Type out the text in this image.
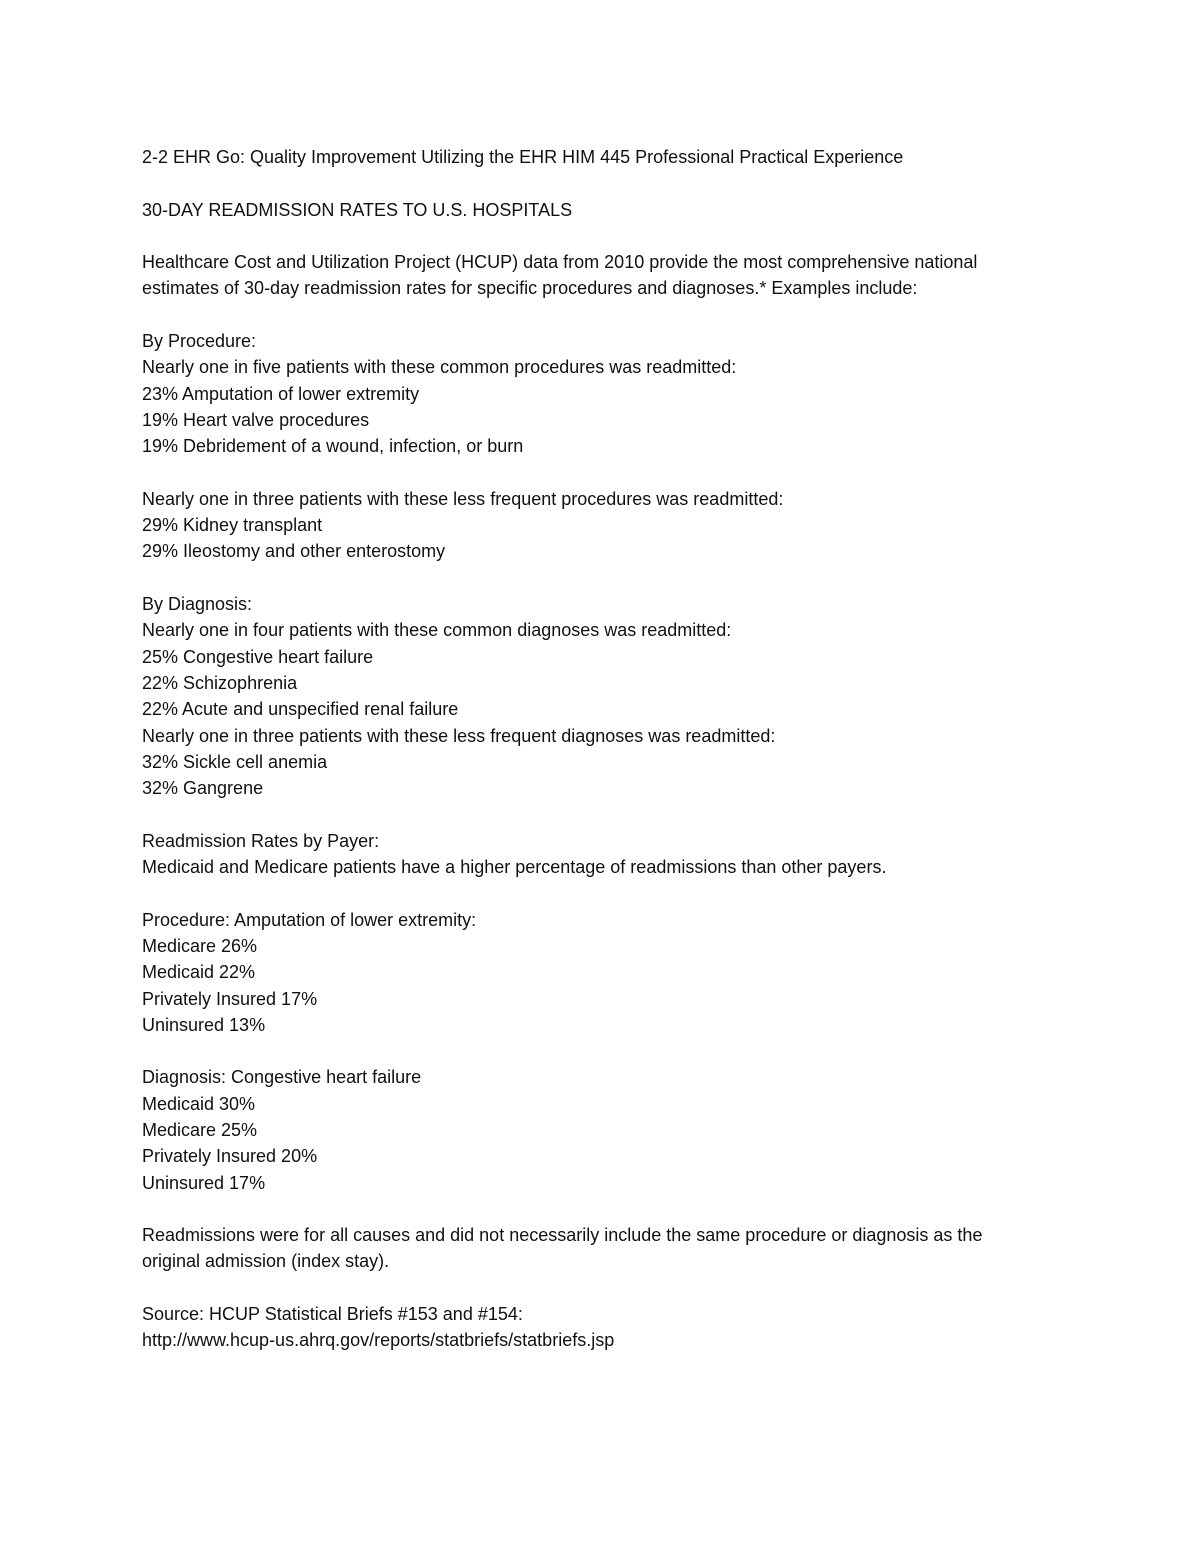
2-2 EHR Go: Quality Improvement Utilizing the EHR HIM 445 Professional Practical Experience

30-DAY READMISSION RATES TO U.S. HOSPITALS

Healthcare Cost and Utilization Project (HCUP) data from 2010 provide the most comprehensive national

estimates of 30-day readmission rates for specific procedures and diagnoses.* Examples include:

By Procedure:

Nearly one in five patients with these common procedures was readmitted:

23% Amputation of lower extremity

19% Heart valve procedures

19% Debridement of a wound, infection, or burn

Nearly one in three patients with these less frequent procedures was readmitted:

29% Kidney transplant

29% Ileostomy and other enterostomy

By Diagnosis:

Nearly one in four patients with these common diagnoses was readmitted:

25% Congestive heart failure

22% Schizophrenia

22% Acute and unspecified renal failure

Nearly one in three patients with these less frequent diagnoses was readmitted:

32% Sickle cell anemia

32% Gangrene

Readmission Rates by Payer:

Medicaid and Medicare patients have a higher percentage of readmissions than other payers.

Procedure: Amputation of lower extremity:

Medicare 26%

Medicaid 22%

Privately Insured 17%

Uninsured 13%

Diagnosis: Congestive heart failure

Medicaid 30%

Medicare 25%

Privately Insured 20%

Uninsured 17%

Readmissions were for all causes and did not necessarily include the same procedure or diagnosis as the

original admission (index stay).

Source: HCUP Statistical Briefs #153 and #154:

http://www.hcup-us.ahrq.gov/reports/statbriefs/statbriefs.jsp
